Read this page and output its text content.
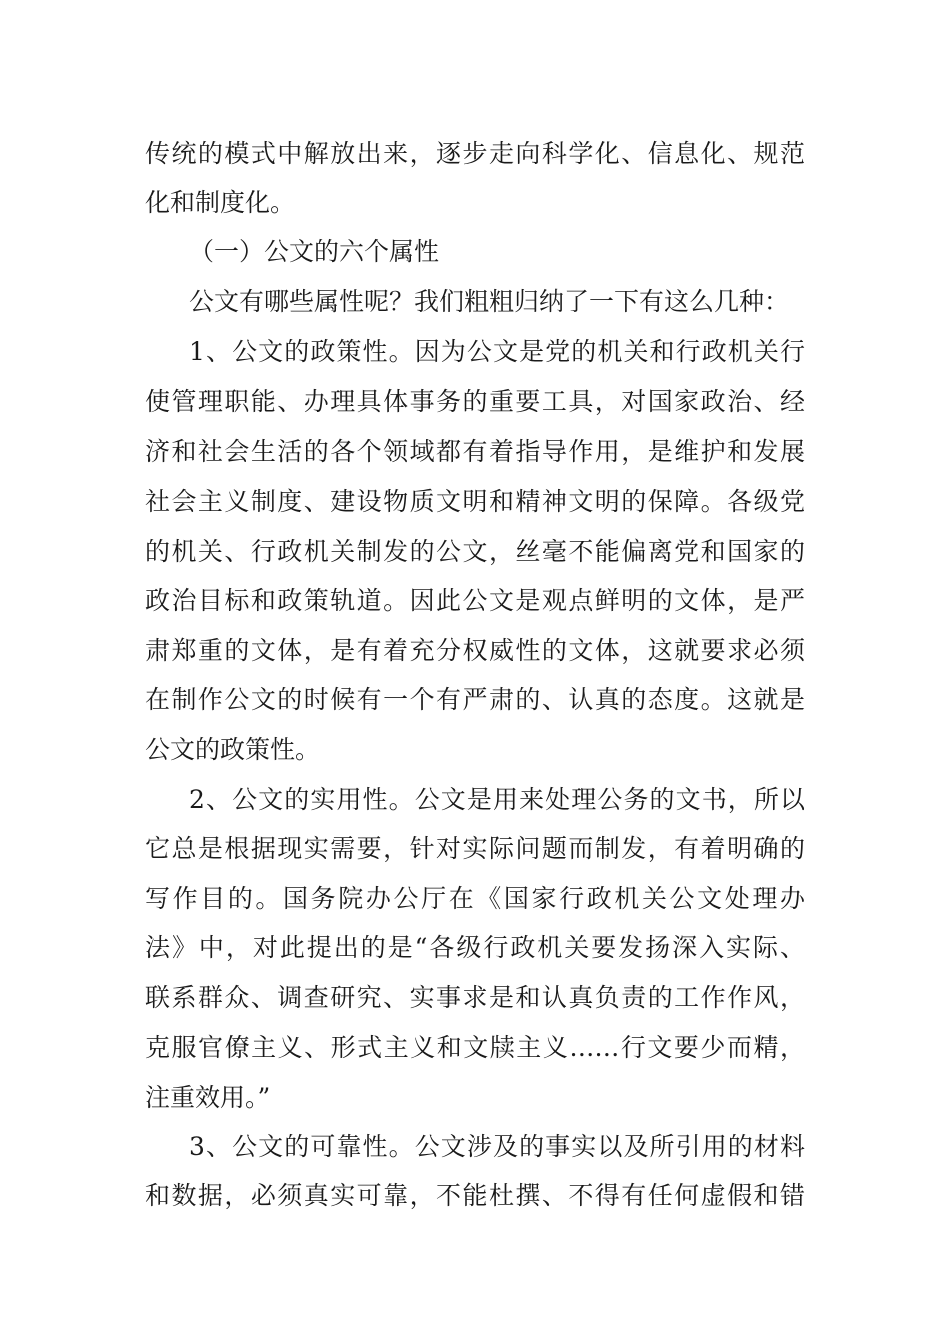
传统的模式中解放出来，逐步走向科学化、信息化、规范
化和制度化。
（一）公文的六个属性
公文有哪些属性呢？我们粗粗归纳了一下有这么几种：
1、公文的政策性。因为公文是党的机关和行政机关行
使管理职能、办理具体事务的重要工具，对国家政治、经
济和社会生活的各个领域都有着指导作用，是维护和发展
社会主义制度、建设物质文明和精神文明的保障。各级党
的机关、行政机关制发的公文，丝毫不能偏离党和国家的
政治目标和政策轨道。因此公文是观点鲜明的文体，是严
肃郑重的文体，是有着充分权威性的文体，这就要求必须
在制作公文的时候有一个有严肃的、认真的态度。这就是
公文的政策性。
2、公文的实用性。公文是用来处理公务的文书，所以
它总是根据现实需要，针对实际问题而制发，有着明确的
写作目的。国务院办公厅在《国家行政机关公文处理办
法》中，对此提出的是“各级行政机关要发扬深入实际、
联系群众、调查研究、实事求是和认真负责的工作作风，
克服官僚主义、形式主义和文牍主义……行文要少而精，
注重效用。”
3、公文的可靠性。公文涉及的事实以及所引用的材料
和数据，必须真实可靠，不能杜撰、不得有任何虚假和错
